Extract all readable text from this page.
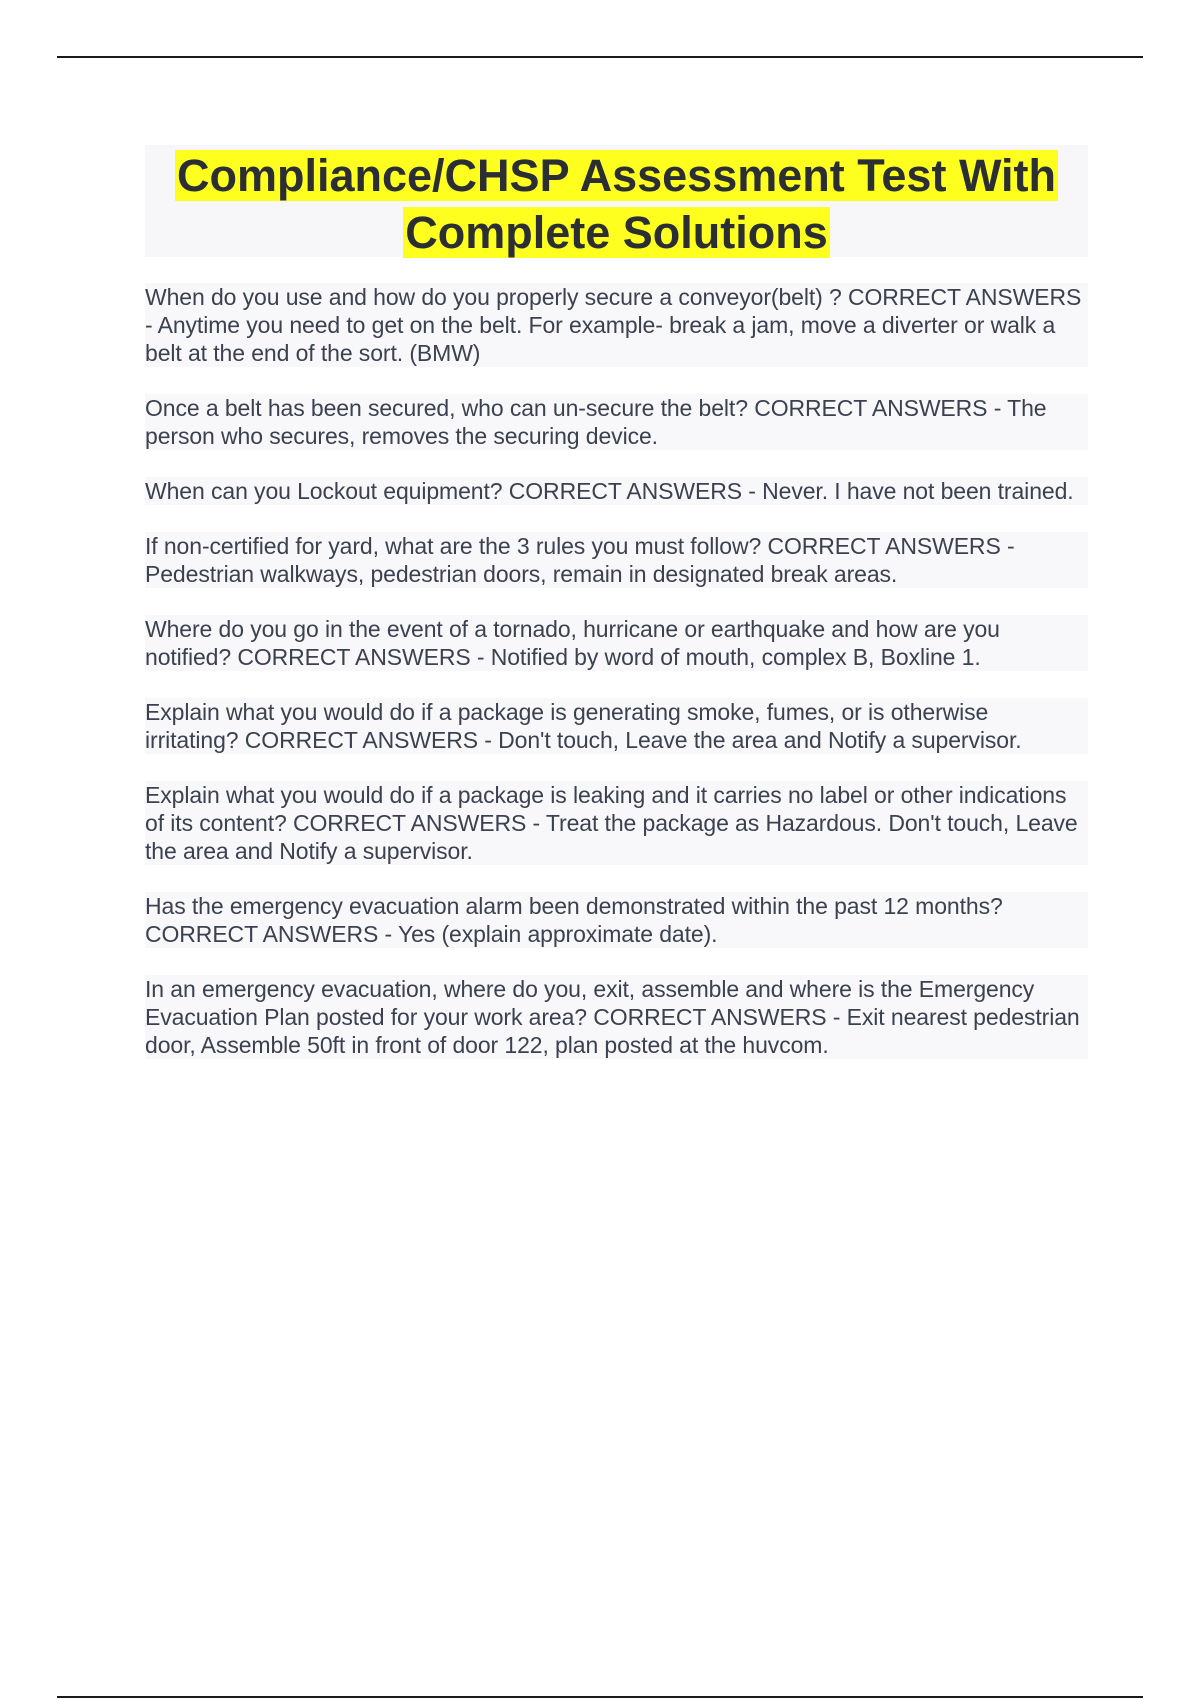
Compliance/CHSP Assessment Test With Complete Solutions

When do you use and how do you properly secure a conveyor(belt) ? CORRECT ANSWERS - Anytime you need to get on the belt. For example- break a jam, move a diverter or walk a belt at the end of the sort. (BMW)

Once a belt has been secured, who can un-secure the belt? CORRECT ANSWERS - The person who secures, removes the securing device.

When can you Lockout equipment? CORRECT ANSWERS - Never. I have not been trained.

If non-certified for yard, what are the 3 rules you must follow? CORRECT ANSWERS - Pedestrian walkways, pedestrian doors, remain in designated break areas.

Where do you go in the event of a tornado, hurricane or earthquake and how are you notified? CORRECT ANSWERS - Notified by word of mouth, complex B, Boxline 1.

Explain what you would do if a package is generating smoke, fumes, or is otherwise irritating? CORRECT ANSWERS - Don't touch, Leave the area and Notify a supervisor.

Explain what you would do if a package is leaking and it carries no label or other indications of its content? CORRECT ANSWERS - Treat the package as Hazardous. Don't touch, Leave the area and Notify a supervisor.

Has the emergency evacuation alarm been demonstrated within the past 12 months? CORRECT ANSWERS - Yes (explain approximate date).

In an emergency evacuation, where do you, exit, assemble and where is the Emergency Evacuation Plan posted for your work area? CORRECT ANSWERS - Exit nearest pedestrian door, Assemble 50ft in front of door 122, plan posted at the huvcom.
